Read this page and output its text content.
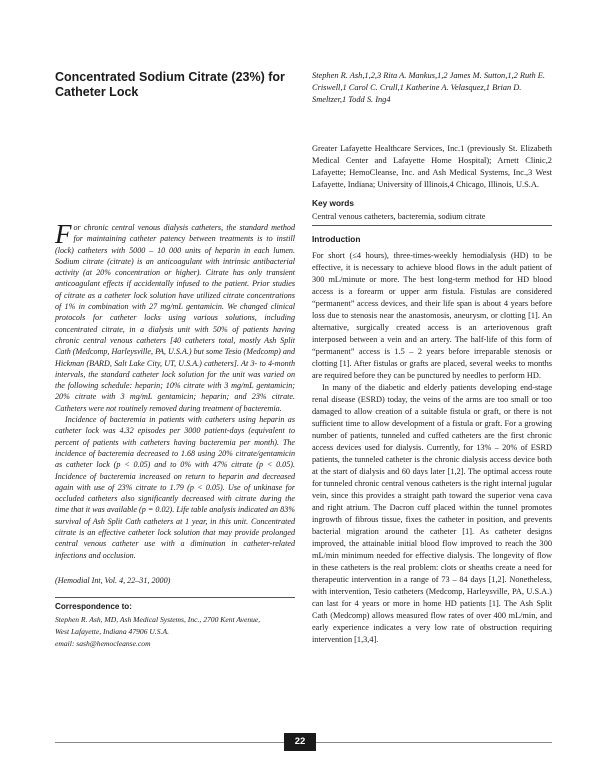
Concentrated Sodium Citrate (23%) for Catheter Lock
Stephen R. Ash,1,2,3 Rita A. Mankus,1,2 James M. Sutton,1,2 Ruth E. Criswell,1 Carol C. Crull,1 Katherine A. Velasquez,1 Brian D. Smeltzer,1 Todd S. Ing4
Greater Lafayette Healthcare Services, Inc.1 (previously St. Elizabeth Medical Center and Lafayette Home Hospital); Arnett Clinic,2 Lafayette; HemoCleanse, Inc. and Ash Medical Systems, Inc.,3 West Lafayette, Indiana; University of Illinois,4 Chicago, Illinois, U.S.A.

For chronic central venous dialysis catheters, the standard method for maintaining catheter patency between treatments is to instill (lock) catheters with 5000 – 10 000 units of heparin in each lumen. Sodium citrate (citrate) is an anticoagulant with intrinsic antibacterial activity (at 20% concentration or higher). Citrate has only transient anticoagulant effects if accidentally infused to the patient. Prior studies of citrate as a catheter lock solution have utilized citrate concentrations of 1% in combination with 27 mg/mL gentamicin. We changed clinical protocols for catheter locks using various solutions, including concentrated citrate, in a dialysis unit with 50% of patients having chronic central venous catheters [40 catheters total, mostly Ash Split Cath (Medcomp, Harleysville, PA, U.S.A.) but some Tesio (Medcomp) and Hickman (BARD, Salt Lake City, UT, U.S.A.) catheters]. At 3- to 4-month intervals, the standard catheter lock solution for the unit was varied on the following schedule: heparin; 10% citrate with 3 mg/mL gentamicin; 20% citrate with 3 mg/mL gentamicin; heparin; and 23% citrate. Catheters were not routinely removed during treatment of bacteremia.

Incidence of bacteremia in patients with catheters using heparin as catheter lock was 4.32 episodes per 3000 patient-days (equivalent to percent of patients with catheters having bacteremia per month). The incidence of bacteremia decreased to 1.68 using 20% citrate/gentamicin as catheter lock (p < 0.05) and to 0% with 47% citrate (p < 0.05). Incidence of bacteremia increased on return to heparin and decreased again with use of 23% citrate to 1.79 (p < 0.05). Use of unkinase for occluded catheters also significantly decreased with citrate during the time that it was available (p = 0.02). Life table analysis indicated an 83% survival of Ash Split Cath catheters at 1 year, in this unit. Concentrated citrate is an effective catheter lock solution that may provide prolonged central venous catheter use with a diminution in catheter-related infections and occlusion.

(Hemodial Int, Vol. 4, 22–31, 2000)
Correspondence to:
Stephen R. Ash, MD, Ash Medical Systems, Inc., 2700 Kent Avenue,
West Lafayette, Indiana 47906 U.S.A.
email: sash@hemocleanse.com
Key words
Central venous catheters, bacteremia, sodium citrate
Introduction

For short (≤4 hours), three-times-weekly hemodialysis (HD) to be effective, it is necessary to achieve blood flows in the adult patient of 300 mL/minute or more. The best long-term method for HD blood access is a forearm or upper arm fistula. Fistulas are considered “permanent” access devices, and their life span is about 4 years before loss due to stenosis near the anastomosis, aneurysm, or clotting [1]. An alternative, surgically created access is an arteriovenous graft interposed between a vein and an artery. The half-life of this form of “permanent” access is 1.5 – 2 years before irreparable stenosis or clotting [1]. After fistulas or grafts are placed, several weeks to months are required before they can be punctured by needles to perform HD.

In many of the diabetic and elderly patients developing end-stage renal disease (ESRD) today, the veins of the arms are too small or too damaged to allow creation of a suitable fistula or graft, or there is not sufficient time to allow development of a fistula or graft. For a growing number of patients, tunneled and cuffed catheters are the first chronic access devices used for dialysis. Currently, for 13% – 20% of ESRD patients, the tunneled catheter is the chronic dialysis access device both at the start of dialysis and 60 days later [1,2]. The optimal access route for tunneled chronic central venous catheters is the right internal jugular vein, since this provides a straight path toward the superior vena cava and right atrium. The Dacron cuff placed within the tunnel promotes ingrowth of fibrous tissue, fixes the catheter in position, and prevents bacterial migration around the catheter [1]. As catheter designs improved, the attainable initial blood flow improved to reach the 300 mL/min minimum needed for effective dialysis. The longevity of flow in these catheters is the real problem: clots or sheaths create a need for therapeutic intervention in a range of 73 – 84 days [1,2]. Nonetheless, with intervention, Tesio catheters (Medcomp, Harleysville, PA, U.S.A.) can last for 4 years or more in home HD patients [1]. The Ash Split Cath (Medcomp) allows measured flow rates of over 400 mL/min, and early experience indicates a very low rate of obstruction requiring intervention [1,3,4].

22
